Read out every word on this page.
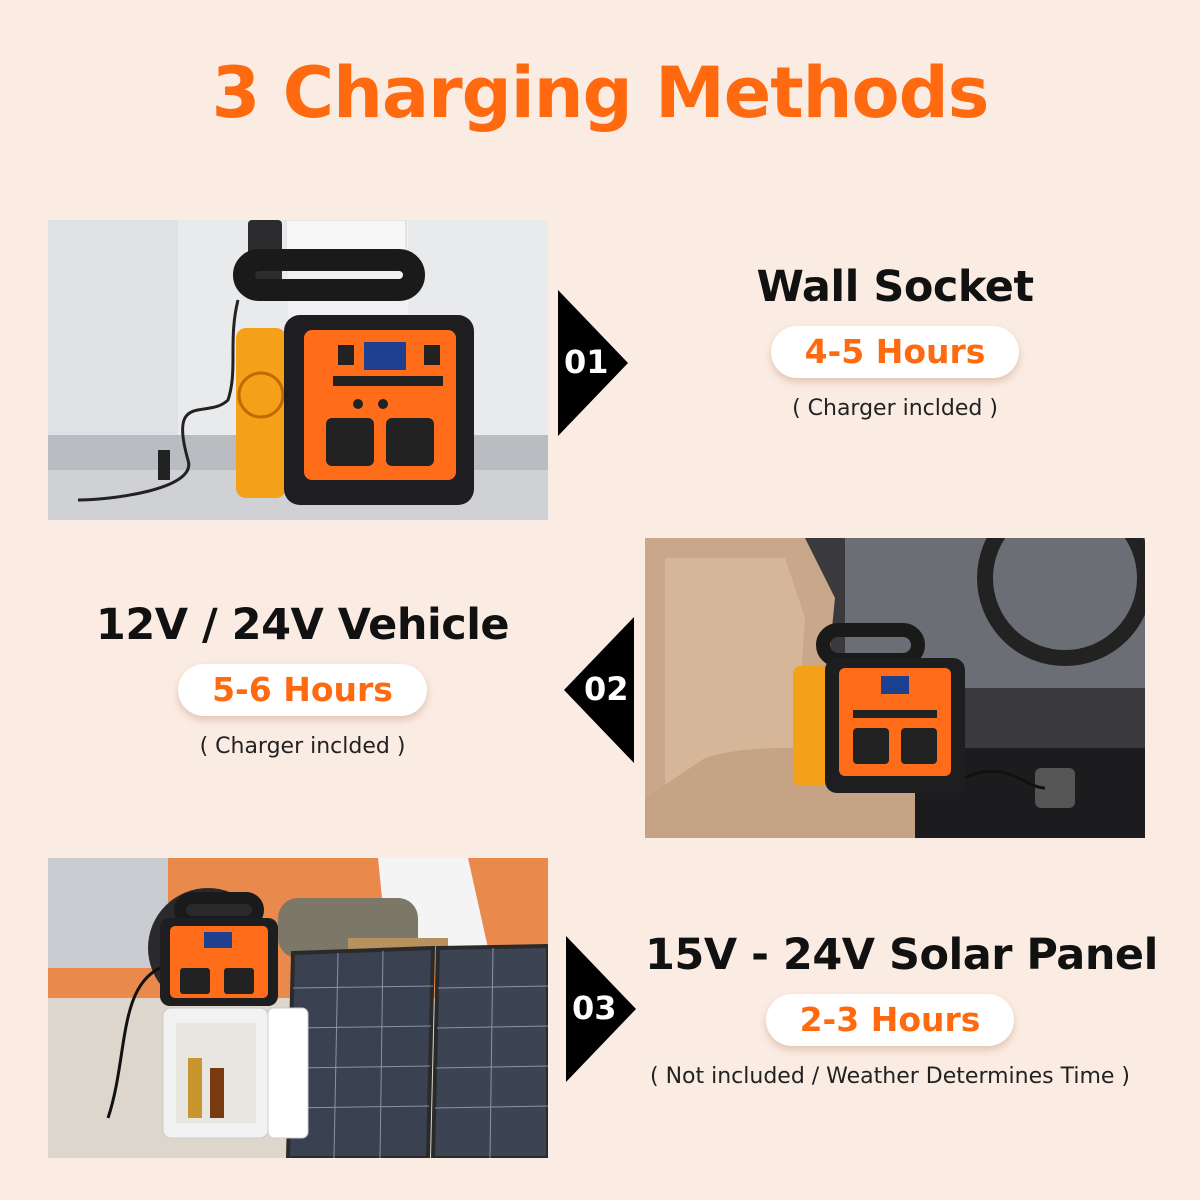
3 Charging Methods
01
Wall Socket
4-5 Hours
( Charger inclded )
02
12V / 24V Vehicle
5-6 Hours
( Charger inclded )
03
15V - 24V Solar Panel
2-3 Hours
( Not included / Weather Determines Time )
